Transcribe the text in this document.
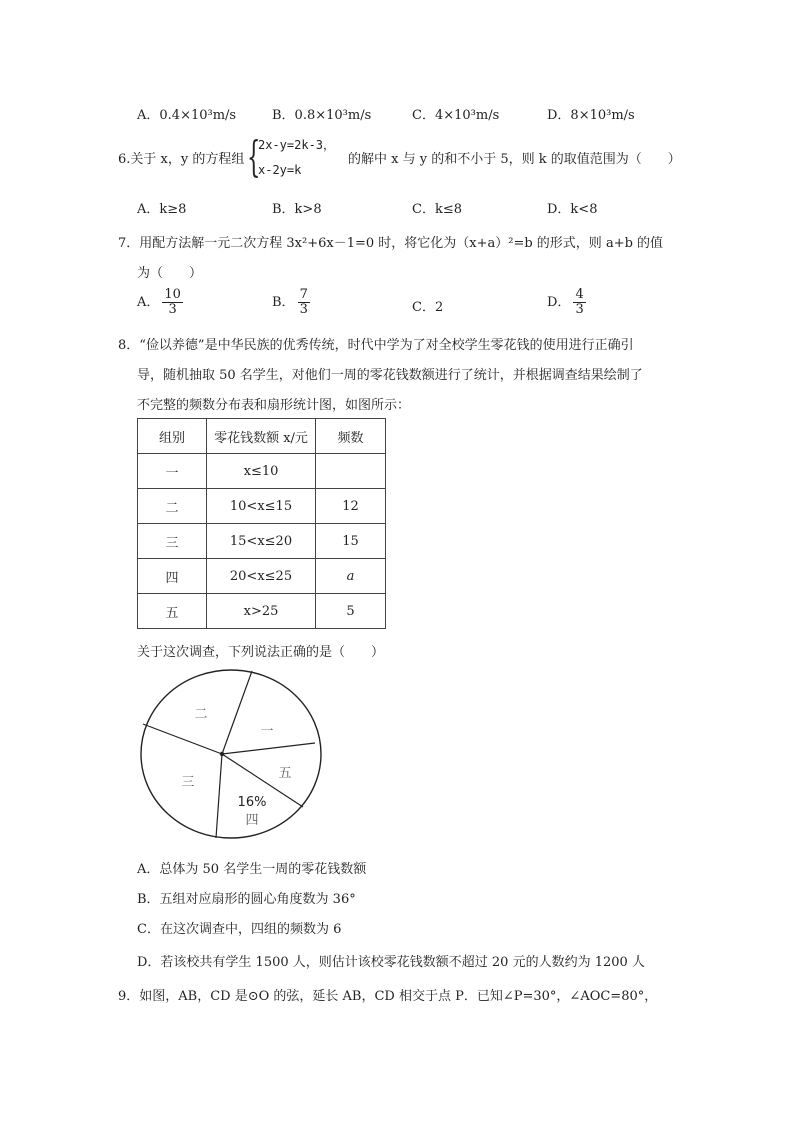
A．0.4×10³m/s	B．0.8×10³m/s	C．4×10³m/s	D．8×10³m/s
6.关于 x，y 的方程组 {
2x-y=2k-3，
x-2y=k
的解中 x 与 y 的和不小于 5，则 k 的取值范围为（　　）
A．k≥8	B．k>8	C．k≤8	D．k<8
7．用配方法解一元二次方程 3x²+6x－1=0 时，将它化为（x+a）²=b 的形式，则 a+b 的值
为（　　）
A． $\frac{10}{3}$	B． $\frac{7}{3}$	C．2	D． $\frac{4}{3}$
8．“俭以养德”是中华民族的优秀传统，时代中学为了对全校学生零花钱的使用进行正确引
导，随机抽取 50 名学生，对他们一周的零花钱数额进行了统计，并根据调查结果绘制了
不完整的频数分布表和扇形统计图，如图所示：
组别	零花钱数额 x/元	频数
一	x≤10	
二	10<x≤15	12
三	15<x≤20	15
四	20<x≤25	a
五	x>25	5
关于这次调查，下列说法正确的是（　　）
一
二
三
四
五
16%
A．总体为 50 名学生一周的零花钱数额
B．五组对应扇形的圆心角度数为 36°
C．在这次调查中，四组的频数为 6
D．若该校共有学生 1500 人，则估计该校零花钱数额不超过 20 元的人数约为 1200 人
9．如图，AB，CD 是⊙O 的弦，延长 AB，CD 相交于点 P．已知∠P=30°，∠AOC=80°，
